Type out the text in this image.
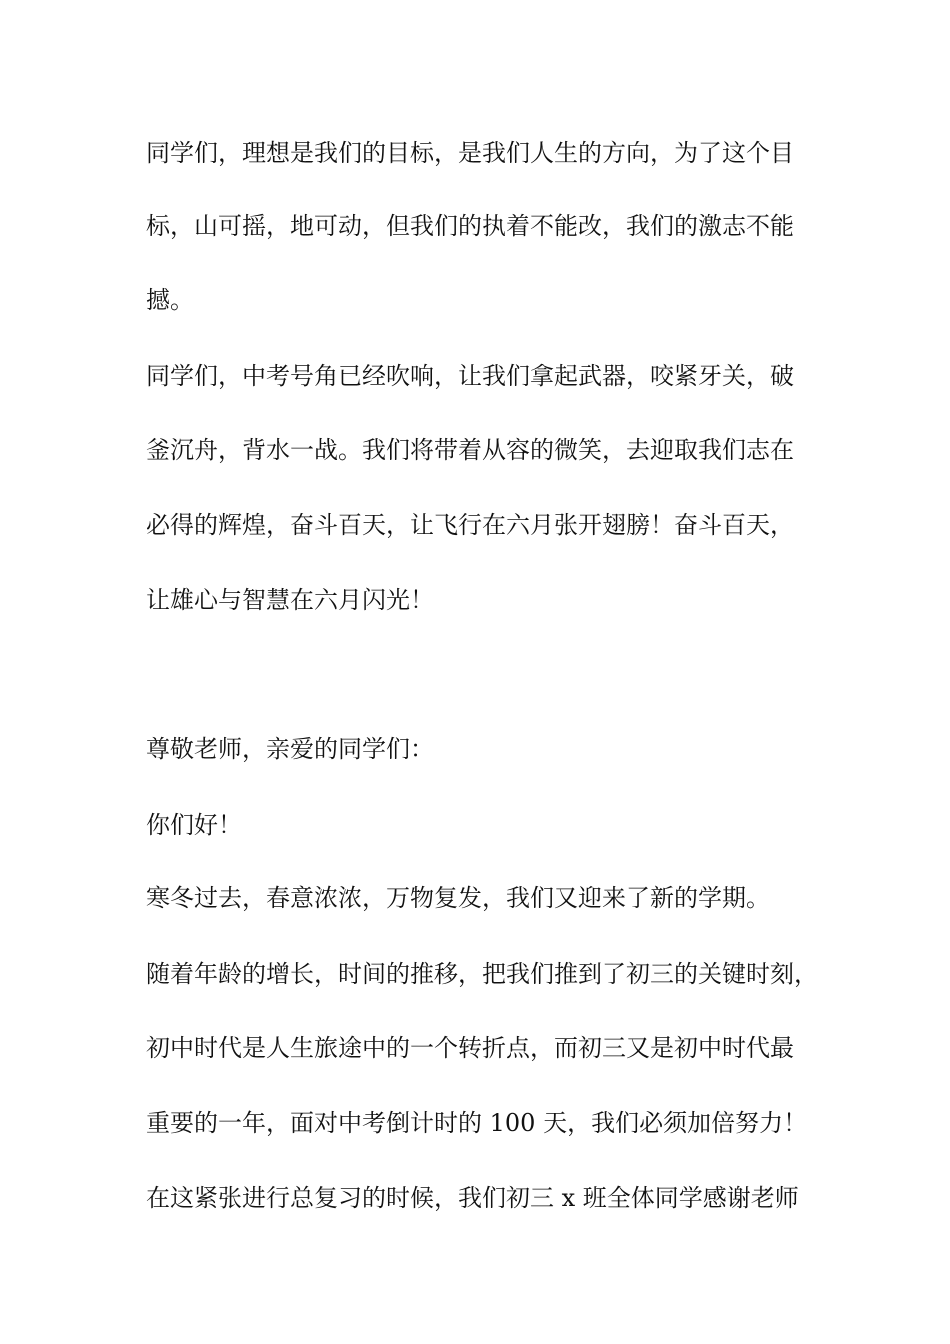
同学们，理想是我们的目标，是我们人生的方向，为了这个目
标，山可摇，地可动，但我们的执着不能改，我们的激志不能
撼。
同学们，中考号角已经吹响，让我们拿起武器，咬紧牙关，破
釜沉舟，背水一战。我们将带着从容的微笑，去迎取我们志在
必得的辉煌，奋斗百天，让飞行在六月张开翅膀！奋斗百天，
让雄心与智慧在六月闪光！
尊敬老师，亲爱的同学们：
你们好！
寒冬过去，春意浓浓，万物复发，我们又迎来了新的学期。
随着年龄的增长，时间的推移，把我们推到了初三的关键时刻，
初中时代是人生旅途中的一个转折点，而初三又是初中时代最
重要的一年，面对中考倒计时的 100 天，我们必须加倍努力！
在这紧张进行总复习的时候，我们初三 x 班全体同学感谢老师
